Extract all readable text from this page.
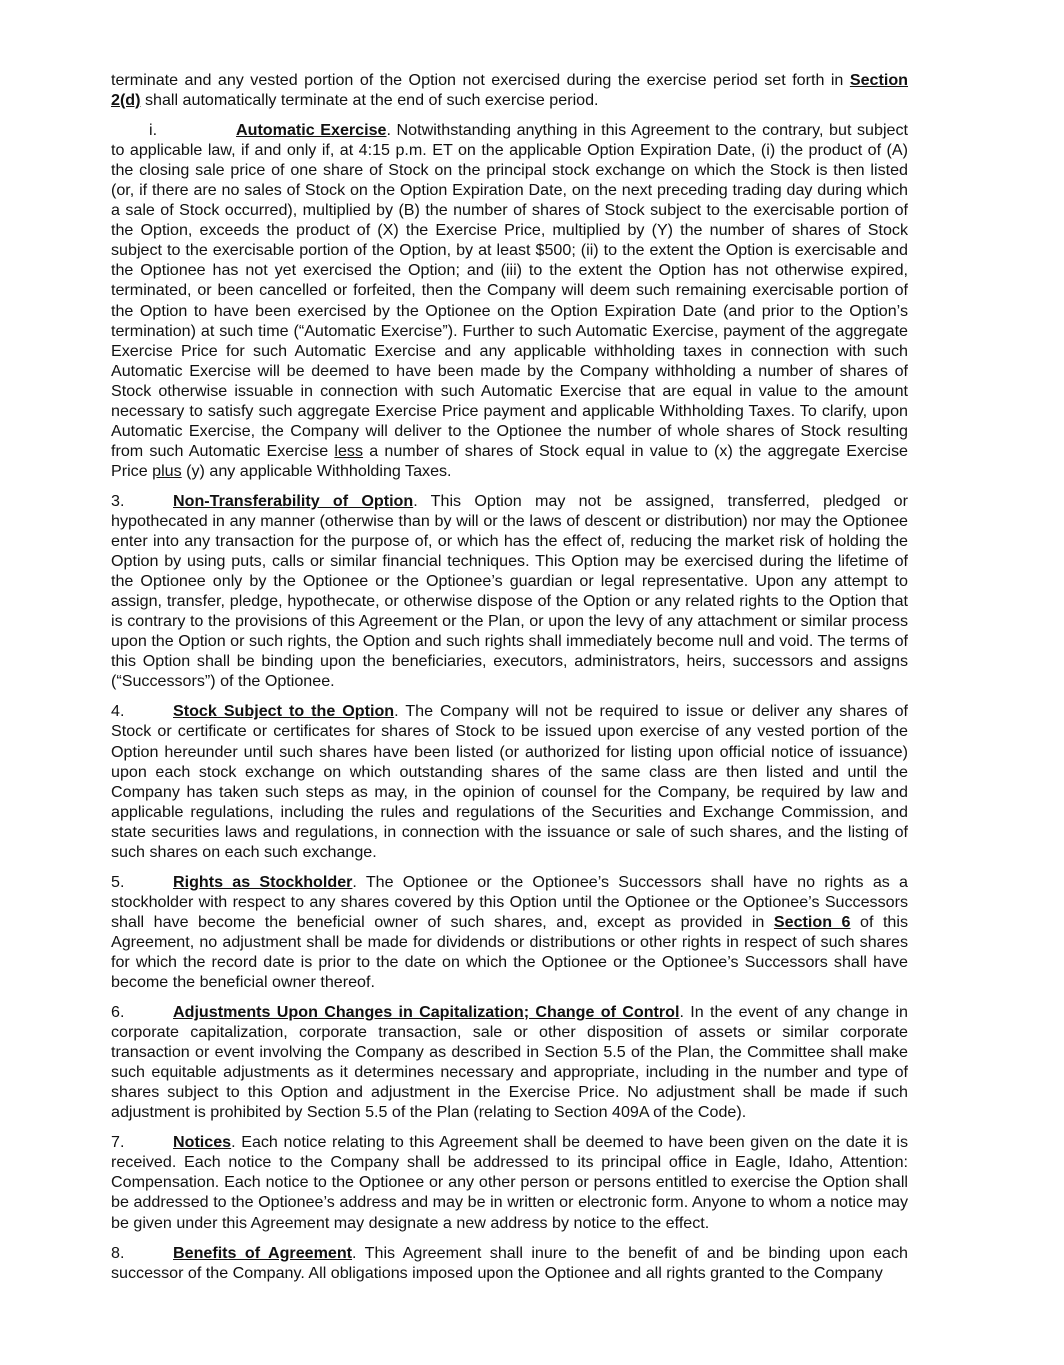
terminate and any vested portion of the Option not exercised during the exercise period set forth in Section 2(d) shall automatically terminate at the end of such exercise period.

i.	Automatic Exercise. Notwithstanding anything in this Agreement to the contrary, but subject to applicable law, if and only if, at 4:15 p.m. ET on the applicable Option Expiration Date, (i) the product of (A) the closing sale price of one share of Stock on the principal stock exchange on which the Stock is then listed (or, if there are no sales of Stock on the Option Expiration Date, on the next preceding trading day during which a sale of Stock occurred), multiplied by (B) the number of shares of Stock subject to the exercisable portion of the Option, exceeds the product of (X) the Exercise Price, multiplied by (Y) the number of shares of Stock subject to the exercisable portion of the Option, by at least $500; (ii) to the extent the Option is exercisable and the Optionee has not yet exercised the Option; and (iii) to the extent the Option has not otherwise expired, terminated, or been cancelled or forfeited, then the Company will deem such remaining exercisable portion of the Option to have been exercised by the Optionee on the Option Expiration Date (and prior to the Option’s termination) at such time (“Automatic Exercise”). Further to such Automatic Exercise, payment of the aggregate Exercise Price for such Automatic Exercise and any applicable withholding taxes in connection with such Automatic Exercise will be deemed to have been made by the Company withholding a number of shares of Stock otherwise issuable in connection with such Automatic Exercise that are equal in value to the amount necessary to satisfy such aggregate Exercise Price payment and applicable Withholding Taxes. To clarify, upon Automatic Exercise, the Company will deliver to the Optionee the number of whole shares of Stock resulting from such Automatic Exercise less a number of shares of Stock equal in value to (x) the aggregate Exercise Price plus (y) any applicable Withholding Taxes.

3.	Non-Transferability of Option. This Option may not be assigned, transferred, pledged or hypothecated in any manner (otherwise than by will or the laws of descent or distribution) nor may the Optionee enter into any transaction for the purpose of, or which has the effect of, reducing the market risk of holding the Option by using puts, calls or similar financial techniques. This Option may be exercised during the lifetime of the Optionee only by the Optionee or the Optionee’s guardian or legal representative. Upon any attempt to assign, transfer, pledge, hypothecate, or otherwise dispose of the Option or any related rights to the Option that is contrary to the provisions of this Agreement or the Plan, or upon the levy of any attachment or similar process upon the Option or such rights, the Option and such rights shall immediately become null and void. The terms of this Option shall be binding upon the beneficiaries, executors, administrators, heirs, successors and assigns (“Successors”) of the Optionee.

4.	Stock Subject to the Option. The Company will not be required to issue or deliver any shares of Stock or certificate or certificates for shares of Stock to be issued upon exercise of any vested portion of the Option hereunder until such shares have been listed (or authorized for listing upon official notice of issuance) upon each stock exchange on which outstanding shares of the same class are then listed and until the Company has taken such steps as may, in the opinion of counsel for the Company, be required by law and applicable regulations, including the rules and regulations of the Securities and Exchange Commission, and state securities laws and regulations, in connection with the issuance or sale of such shares, and the listing of such shares on each such exchange.

5.	Rights as Stockholder. The Optionee or the Optionee’s Successors shall have no rights as a stockholder with respect to any shares covered by this Option until the Optionee or the Optionee’s Successors shall have become the beneficial owner of such shares, and, except as provided in Section 6 of this Agreement, no adjustment shall be made for dividends or distributions or other rights in respect of such shares for which the record date is prior to the date on which the Optionee or the Optionee’s Successors shall have become the beneficial owner thereof.

6.	Adjustments Upon Changes in Capitalization; Change of Control. In the event of any change in corporate capitalization, corporate transaction, sale or other disposition of assets or similar corporate transaction or event involving the Company as described in Section 5.5 of the Plan, the Committee shall make such equitable adjustments as it determines necessary and appropriate, including in the number and type of shares subject to this Option and adjustment in the Exercise Price. No adjustment shall be made if such adjustment is prohibited by Section 5.5 of the Plan (relating to Section 409A of the Code).

7.	Notices. Each notice relating to this Agreement shall be deemed to have been given on the date it is received. Each notice to the Company shall be addressed to its principal office in Eagle, Idaho, Attention: Compensation. Each notice to the Optionee or any other person or persons entitled to exercise the Option shall be addressed to the Optionee’s address and may be in written or electronic form. Anyone to whom a notice may be given under this Agreement may designate a new address by notice to the effect.

8.	Benefits of Agreement. This Agreement shall inure to the benefit of and be binding upon each successor of the Company. All obligations imposed upon the Optionee and all rights granted to the Company
